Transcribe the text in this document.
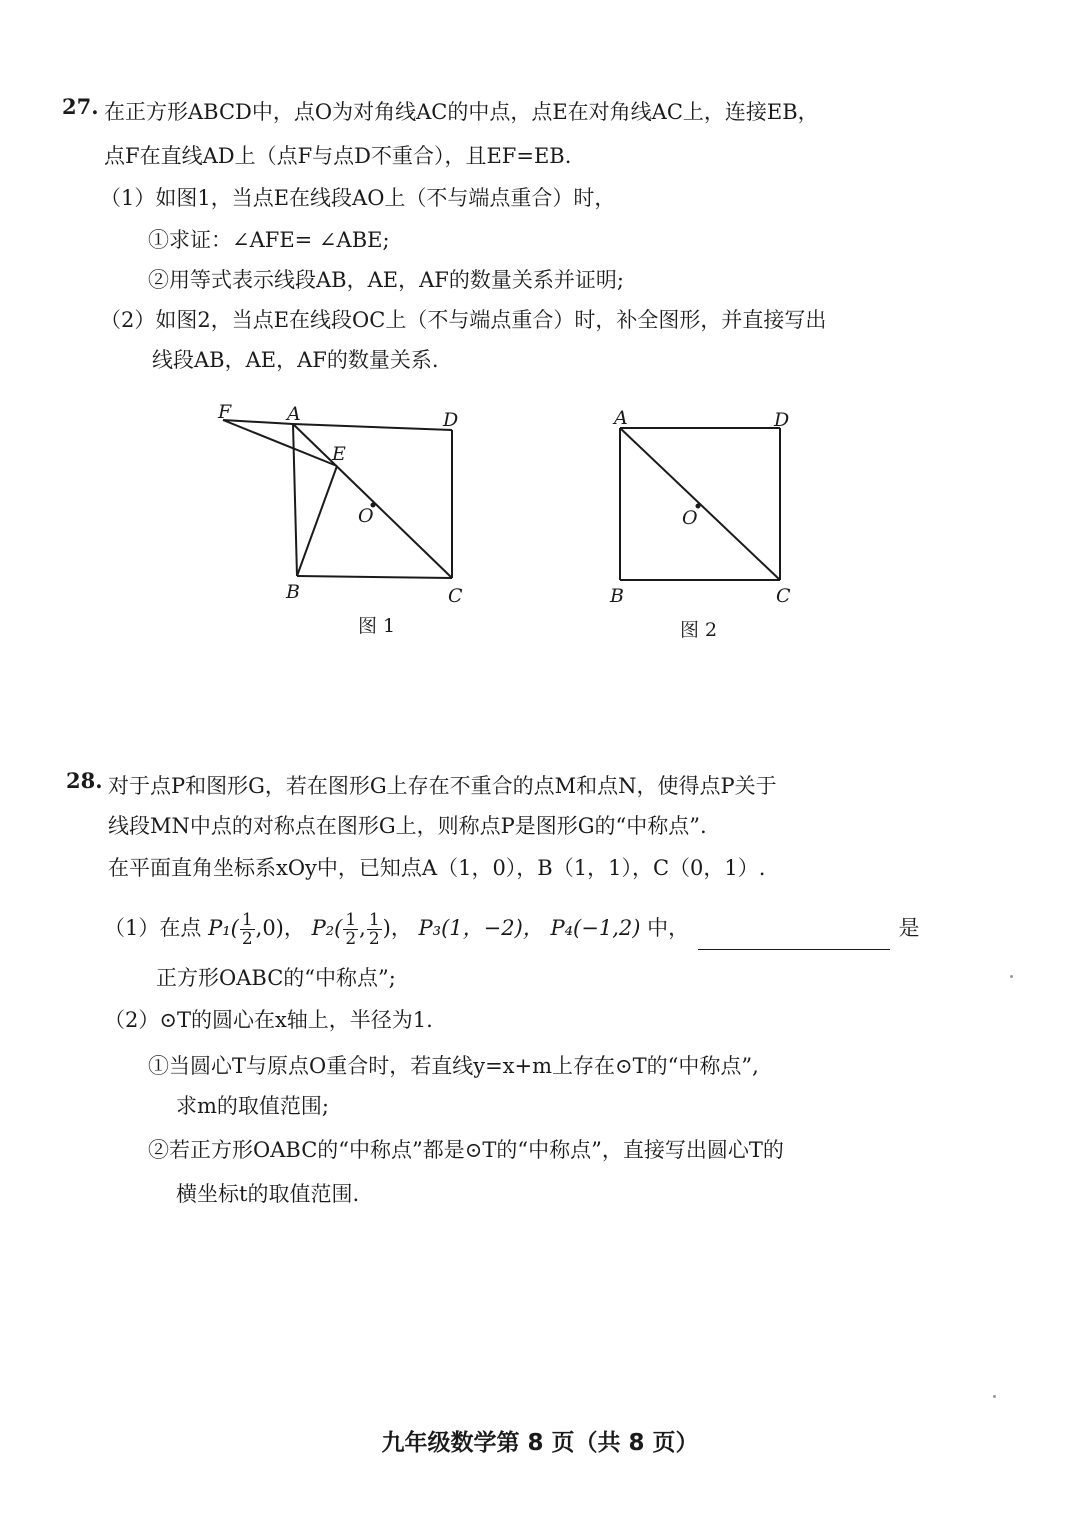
27. 在正方形ABCD中，点O为对角线AC的中点，点E在对角线AC上，连接EB，
点F在直线AD上（点F与点D不重合），且EF=EB.
（1）如图1，当点E在线段AO上（不与端点重合）时，
①求证：∠AFE= ∠ABE;
②用等式表示线段AB，AE，AF的数量关系并证明;
（2）如图2，当点E在线段OC上（不与端点重合）时，补全图形，并直接写出
线段AB，AE，AF的数量关系.
F	A	D
E
O
B	C
图 1
A	D
O
B	C
图 2
28. 对于点P和图形G，若在图形G上存在不重合的点M和点N，使得点P关于
线段MN中点的对称点在图形G上，则称点P是图形G的“中称点”.
在平面直角坐标系xOy中，已知点A（1，0），B（1，1），C（0，1）.
（1）在点 $P_1( \frac{1}{2} ,0)$， $P_2( \frac{1}{2}$ , $\frac{1}{2}$ )， P₃(1，−2)， P₄(−1,2) 中，	是
正方形OABC的“中称点”;
（2）⊙T的圆心在x轴上，半径为1.
①当圆心T与原点O重合时，若直线y=x+m上存在⊙T的“中称点”,
求m的取值范围;
②若正方形OABC的“中称点”都是⊙T的“中称点”，直接写出圆心T的
横坐标t的取值范围.
九年级数学第 8 页（共 8 页）
